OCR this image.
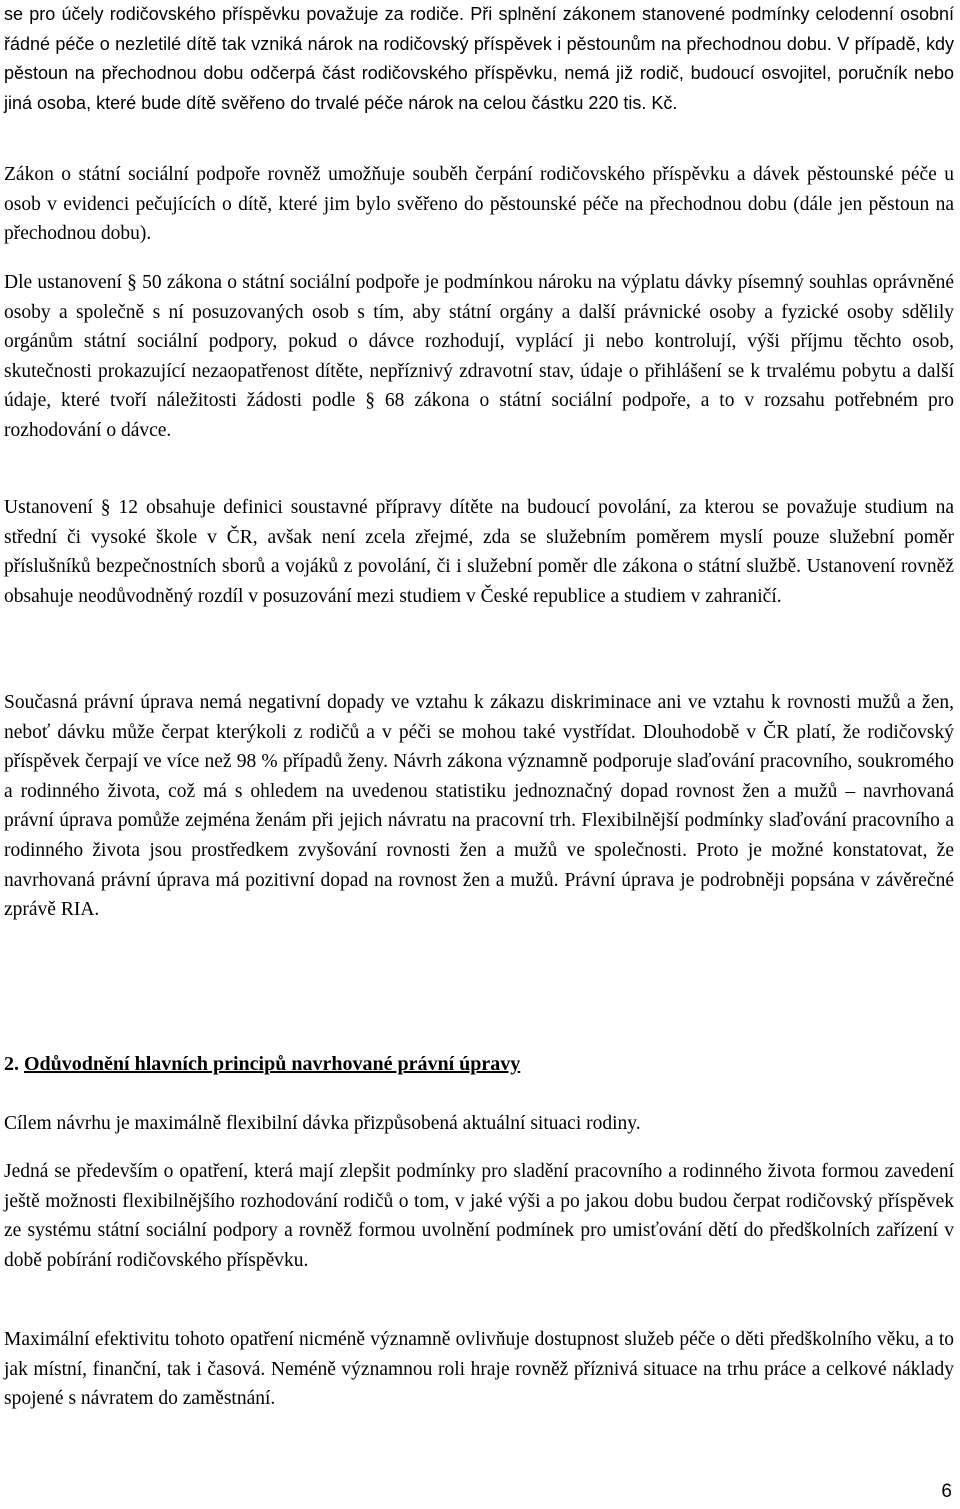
se pro účely rodičovského příspěvku považuje za rodiče. Při splnění zákonem stanovené podmínky celodenní osobní řádné péče o nezletilé dítě tak vzniká nárok na rodičovský příspěvek i pěstounům na přechodnou dobu. V případě, kdy pěstoun na přechodnou dobu odčerpá část rodičovského příspěvku, nemá již rodič, budoucí osvojitel, poručník nebo jiná osoba, které bude dítě svěřeno do trvalé péče nárok na celou částku 220 tis. Kč.

Zákon o státní sociální podpoře rovněž umožňuje souběh čerpání rodičovského příspěvku a dávek pěstounské péče u osob v evidenci pečujících o dítě, které jim bylo svěřeno do pěstounské péče na přechodnou dobu (dále jen pěstoun na přechodnou dobu).

Dle ustanovení § 50 zákona o státní sociální podpoře je podmínkou nároku na výplatu dávky písemný souhlas oprávněné osoby a společně s ní posuzovaných osob s tím, aby státní orgány a další právnické osoby a fyzické osoby sdělily orgánům státní sociální podpory, pokud o dávce rozhodují, vyplácí ji nebo kontrolují, výši příjmu těchto osob, skutečnosti prokazující nezaopatřenost dítěte, nepříznivý zdravotní stav, údaje o přihlášení se k trvalému pobytu a další údaje, které tvoří náležitosti žádosti podle § 68 zákona o státní sociální podpoře, a to v rozsahu potřebném pro rozhodování o dávce.

Ustanovení § 12 obsahuje definici soustavné přípravy dítěte na budoucí povolání, za kterou se považuje studium na střední či vysoké škole v ČR, avšak není zcela zřejmé, zda se služebním poměrem myslí pouze služební poměr příslušníků bezpečnostních sborů a vojáků z povolání, či i služební poměr dle zákona o státní službě. Ustanovení rovněž obsahuje neodůvodněný rozdíl v posuzování mezi studiem v České republice a studiem v zahraničí.

Současná právní úprava nemá negativní dopady ve vztahu k zákazu diskriminace ani ve vztahu k rovnosti mužů a žen, neboť dávku může čerpat kterýkoli z rodičů a v péči se mohou také vystřídat. Dlouhodobě v ČR platí, že rodičovský příspěvek čerpají ve více než 98 % případů ženy. Návrh zákona významně podporuje slaďování pracovního, soukromého a rodinného života, což má s ohledem na uvedenou statistiku jednoznačný dopad rovnost žen a mužů – navrhovaná právní úprava pomůže zejména ženám při jejich návratu na pracovní trh. Flexibilnější podmínky slaďování pracovního a rodinného života jsou prostředkem zvyšování rovnosti žen a mužů ve společnosti. Proto je možné konstatovat, že navrhovaná právní úprava má pozitivní dopad na rovnost žen a mužů. Právní úprava je podrobněji popsána v závěrečné zprávě RIA.

2. Odůvodnění hlavních principů navrhované právní úpravy

Cílem návrhu je maximálně flexibilní dávka přizpůsobená aktuální situaci rodiny.

Jedná se především o opatření, která mají zlepšit podmínky pro sladění pracovního a rodinného života formou zavedení ještě možnosti flexibilnějšího rozhodování rodičů o tom, v jaké výši a po jakou dobu budou čerpat rodičovský příspěvek ze systému státní sociální podpory a rovněž formou uvolnění podmínek pro umisťování dětí do předškolních zařízení v době pobírání rodičovského příspěvku.

Maximální efektivitu tohoto opatření nicméně významně ovlivňuje dostupnost služeb péče o děti předškolního věku, a to jak místní, finanční, tak i časová. Neméně významnou roli hraje rovněž příznivá situace na trhu práce a celkové náklady spojené s návratem do zaměstnání.

6
